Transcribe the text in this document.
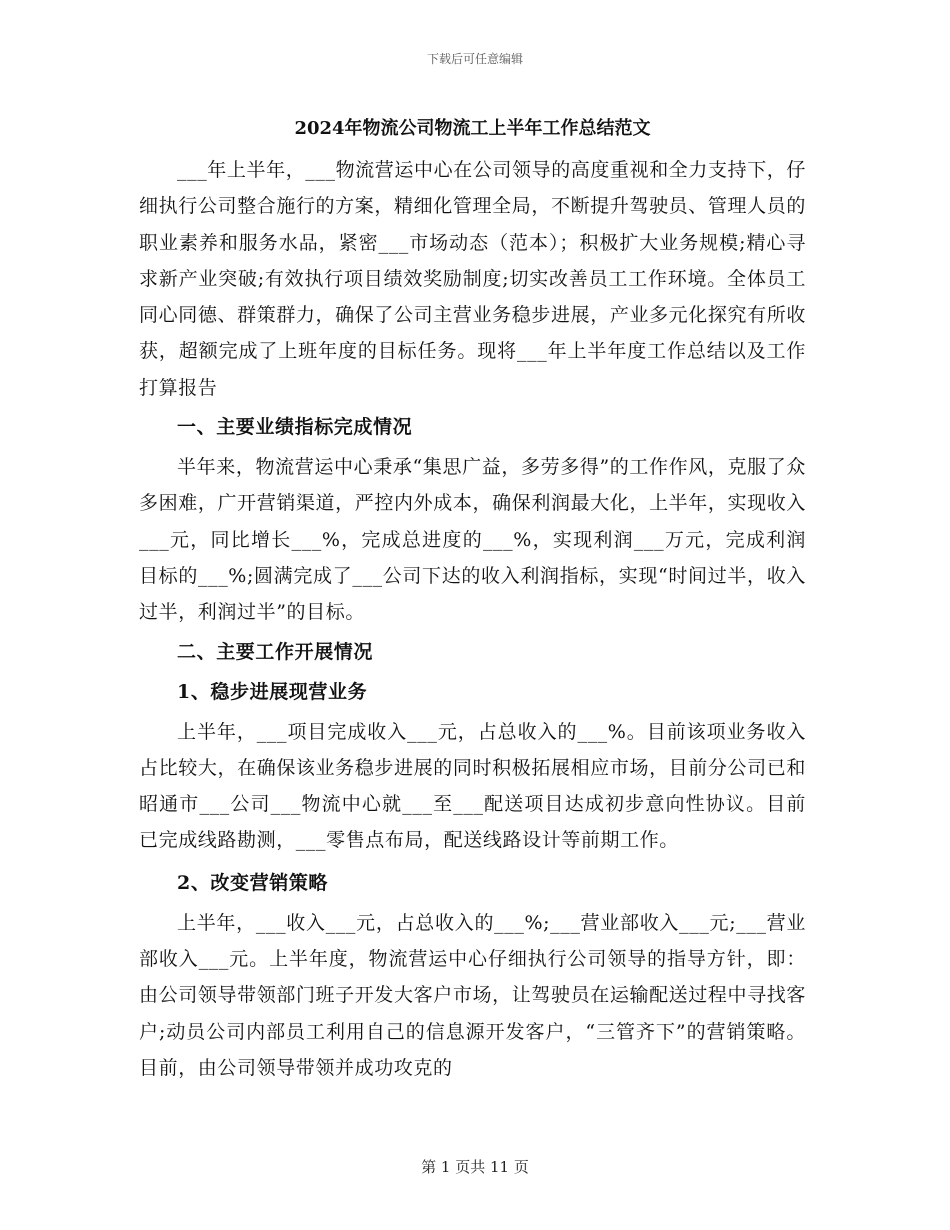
下载后可任意编辑
2024年物流公司物流工上半年工作总结范文

___年上半年，___物流营运中心在公司领导的高度重视和全力支持下，仔细执行公司整合施行的方案，精细化管理全局，不断提升驾驶员、管理人员的职业素养和服务水品，紧密___市场动态（范本）；积极扩大业务规模;精心寻求新产业突破;有效执行项目绩效奖励制度;切实改善员工工作环境。全体员工同心同德、群策群力，确保了公司主营业务稳步进展，产业多元化探究有所收获，超额完成了上班年度的目标任务。现将___年上半年度工作总结以及工作打算报告

一、主要业绩指标完成情况

半年来，物流营运中心秉承“集思广益，多劳多得”的工作作风，克服了众多困难，广开营销渠道，严控内外成本，确保利润最大化，上半年，实现收入___元，同比增长___%，完成总进度的___%，实现利润___万元，完成利润目标的___%;圆满完成了___公司下达的收入利润指标，实现“时间过半，收入过半，利润过半”的目标。

二、主要工作开展情况

1、稳步进展现营业务

上半年，___项目完成收入___元，占总收入的___%。目前该项业务收入占比较大，在确保该业务稳步进展的同时积极拓展相应市场，目前分公司已和昭通市___公司___物流中心就___至___配送项目达成初步意向性协议。目前已完成线路勘测，___零售点布局，配送线路设计等前期工作。

2、改变营销策略

上半年，___收入___元，占总收入的___%;___营业部收入___元;___营业部收入___元。上半年度，物流营运中心仔细执行公司领导的指导方针，即：由公司领导带领部门班子开发大客户市场，让驾驶员在运输配送过程中寻找客户;动员公司内部员工利用自己的信息源开发客户，“三管齐下”的营销策略。目前，由公司领导带领并成功攻克的

第 1 页共 11 页
